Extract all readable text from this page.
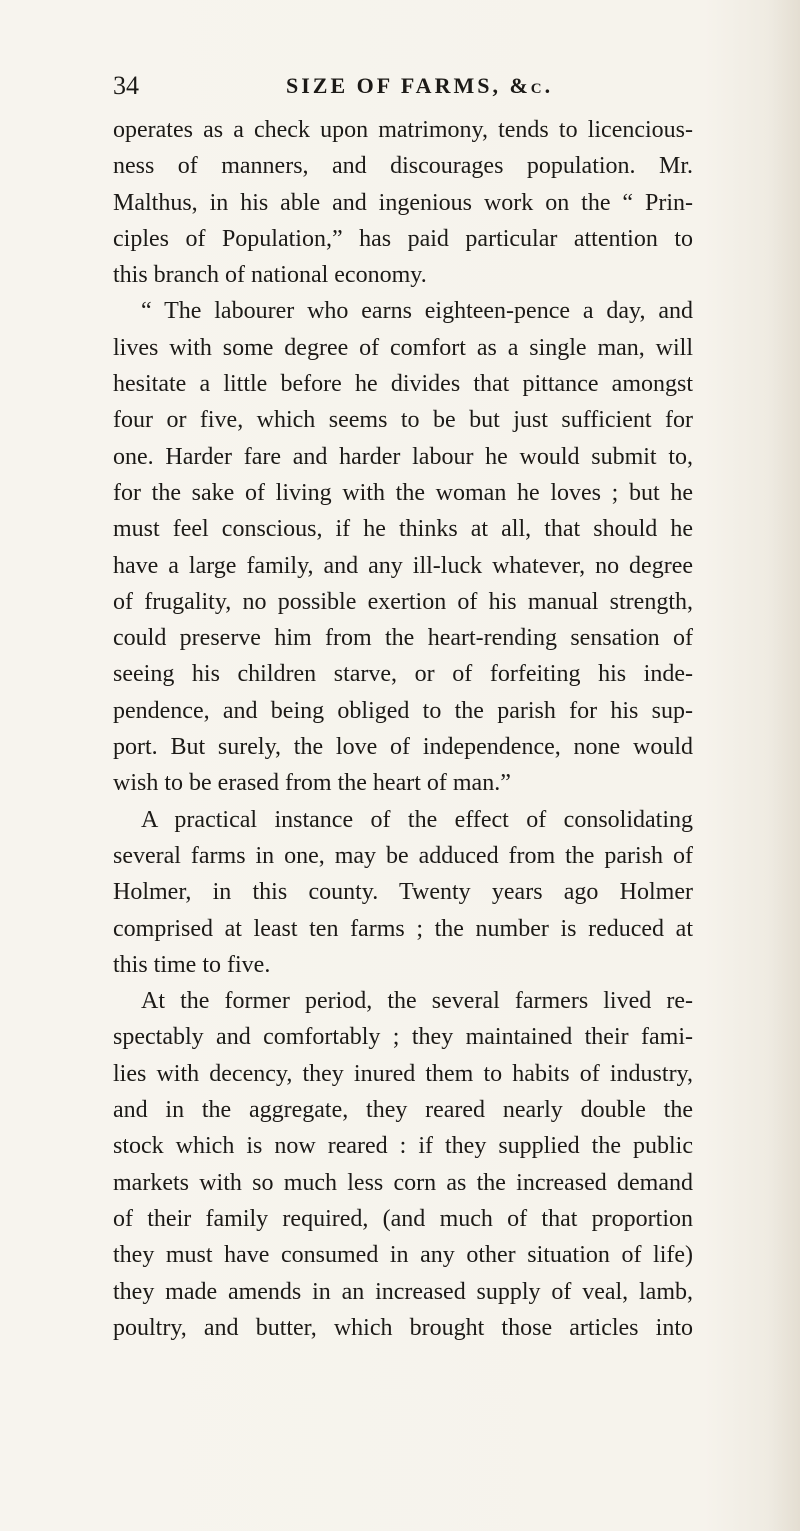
34	SIZE OF FARMS, &c.
operates as a check upon matrimony, tends to licencious-
ness of manners, and discourages population. Mr.
Malthus, in his able and ingenious work on the “ Prin-
ciples of Population,” has paid particular attention to
this branch of national economy.
“ The labourer who earns eighteen-pence a day, and
lives with some degree of comfort as a single man, will
hesitate a little before he divides that pittance amongst
four or five, which seems to be but just sufficient for
one. Harder fare and harder labour he would submit to,
for the sake of living with the woman he loves ; but he
must feel conscious, if he thinks at all, that should he
have a large family, and any ill-luck whatever, no degree
of frugality, no possible exertion of his manual strength,
could preserve him from the heart-rending sensation of
seeing his children starve, or of forfeiting his inde-
pendence, and being obliged to the parish for his sup-
port. But surely, the love of independence, none would
wish to be erased from the heart of man.”
A practical instance of the effect of consolidating
several farms in one, may be adduced from the parish of
Holmer, in this county. Twenty years ago Holmer
comprised at least ten farms ; the number is reduced at
this time to five.
At the former period, the several farmers lived re-
spectably and comfortably ; they maintained their fami-
lies with decency, they inured them to habits of industry,
and in the aggregate, they reared nearly double the
stock which is now reared : if they supplied the public
markets with so much less corn as the increased demand
of their family required, (and much of that proportion
they must have consumed in any other situation of life)
they made amends in an increased supply of veal, lamb,
poultry, and butter, which brought those articles into
